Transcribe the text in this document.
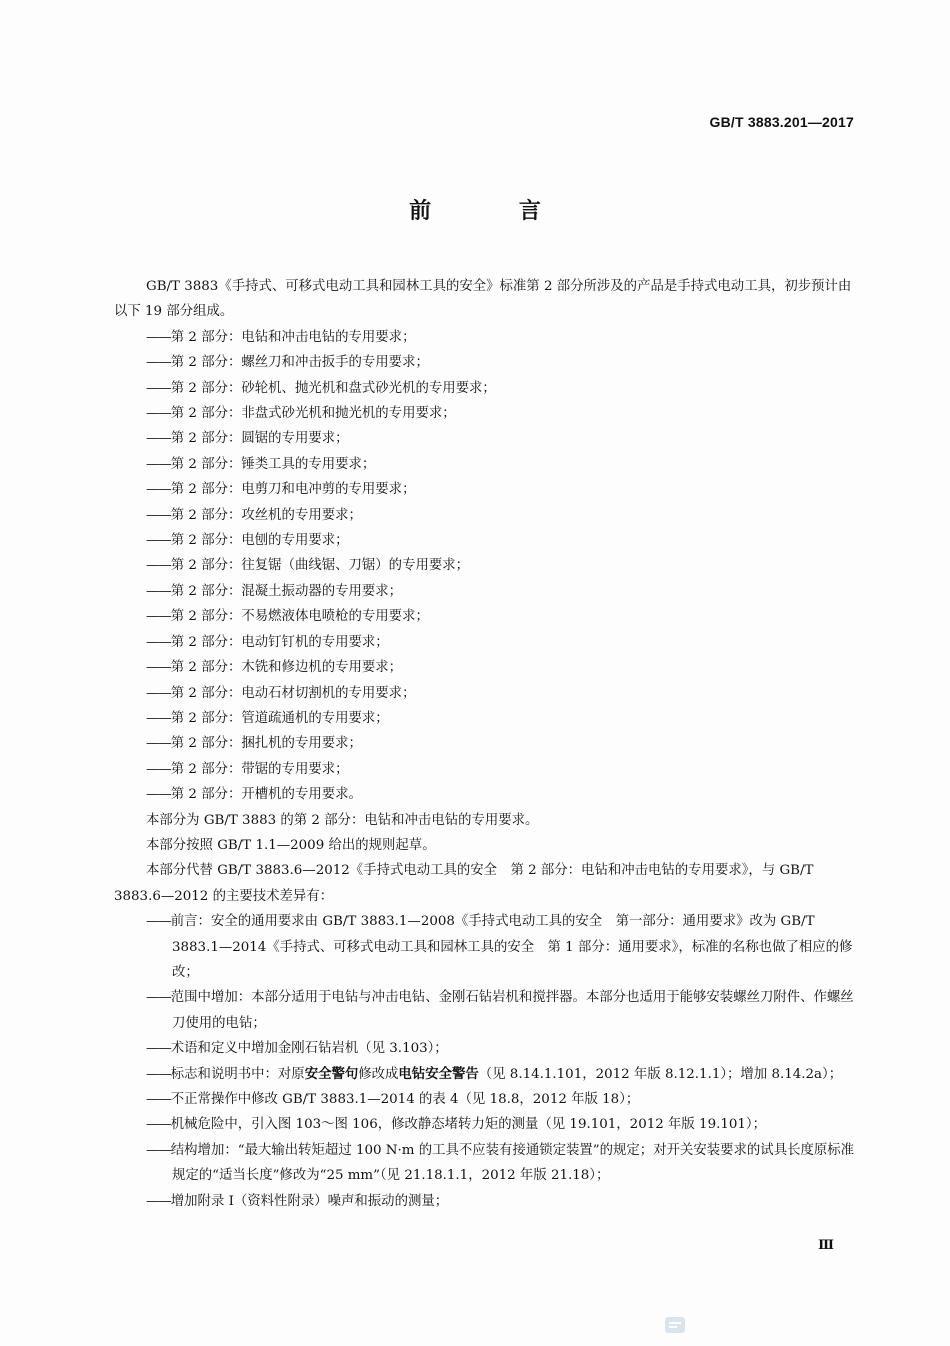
GB/T 3883.201—2017
前 言

GB/T 3883《手持式、可移式电动工具和园林工具的安全》标准第 2 部分所涉及的产品是手持式电动工具，初步预计由以下 19 部分组成。

——第 2 部分：电钻和冲击电钻的专用要求；

——第 2 部分：螺丝刀和冲击扳手的专用要求；

——第 2 部分：砂轮机、抛光机和盘式砂光机的专用要求；

——第 2 部分：非盘式砂光机和抛光机的专用要求；

——第 2 部分：圆锯的专用要求；

——第 2 部分：锤类工具的专用要求；

——第 2 部分：电剪刀和电冲剪的专用要求；

——第 2 部分：攻丝机的专用要求；

——第 2 部分：电刨的专用要求；

——第 2 部分：往复锯（曲线锯、刀锯）的专用要求；

——第 2 部分：混凝土振动器的专用要求；

——第 2 部分：不易燃液体电喷枪的专用要求；

——第 2 部分：电动钉钉机的专用要求；

——第 2 部分：木铣和修边机的专用要求；

——第 2 部分：电动石材切割机的专用要求；

——第 2 部分：管道疏通机的专用要求；

——第 2 部分：捆扎机的专用要求；

——第 2 部分：带锯的专用要求；

——第 2 部分：开槽机的专用要求。

本部分为 GB/T 3883 的第 2 部分：电钻和冲击电钻的专用要求。

本部分按照 GB/T 1.1—2009 给出的规则起草。

本部分代替 GB/T 3883.6—2012《手持式电动工具的安全　第 2 部分：电钻和冲击电钻的专用要求》，与 GB/T 3883.6—2012 的主要技术差异有：

——前言：安全的通用要求由 GB/T 3883.1—2008《手持式电动工具的安全　第一部分：通用要求》改为 GB/T 3883.1—2014《手持式、可移式电动工具和园林工具的安全　第 1 部分：通用要求》，标准的名称也做了相应的修改；

——范围中增加：本部分适用于电钻与冲击电钻、金刚石钻岩机和搅拌器。本部分也适用于能够安装螺丝刀附件、作螺丝刀使用的电钻；

——术语和定义中增加金刚石钻岩机（见 3.103）；

——标志和说明书中：对原安全警句修改成电钻安全警告（见 8.14.1.101，2012 年版 8.12.1.1）；增加 8.14.2a）；

——不正常操作中修改 GB/T 3883.1—2014 的表 4（见 18.8，2012 年版 18）；

——机械危险中，引入图 103～图 106，修改静态堵转力矩的测量（见 19.101，2012 年版 19.101）；

——结构增加：“最大输出转矩超过 100 N·m 的工具不应装有接通锁定装置”的规定；对开关安装要求的试具长度原标准规定的“适当长度”修改为“25 mm”（见 21.18.1.1，2012 年版 21.18）；

——增加附录 I（资料性附录）噪声和振动的测量；

Ⅲ
